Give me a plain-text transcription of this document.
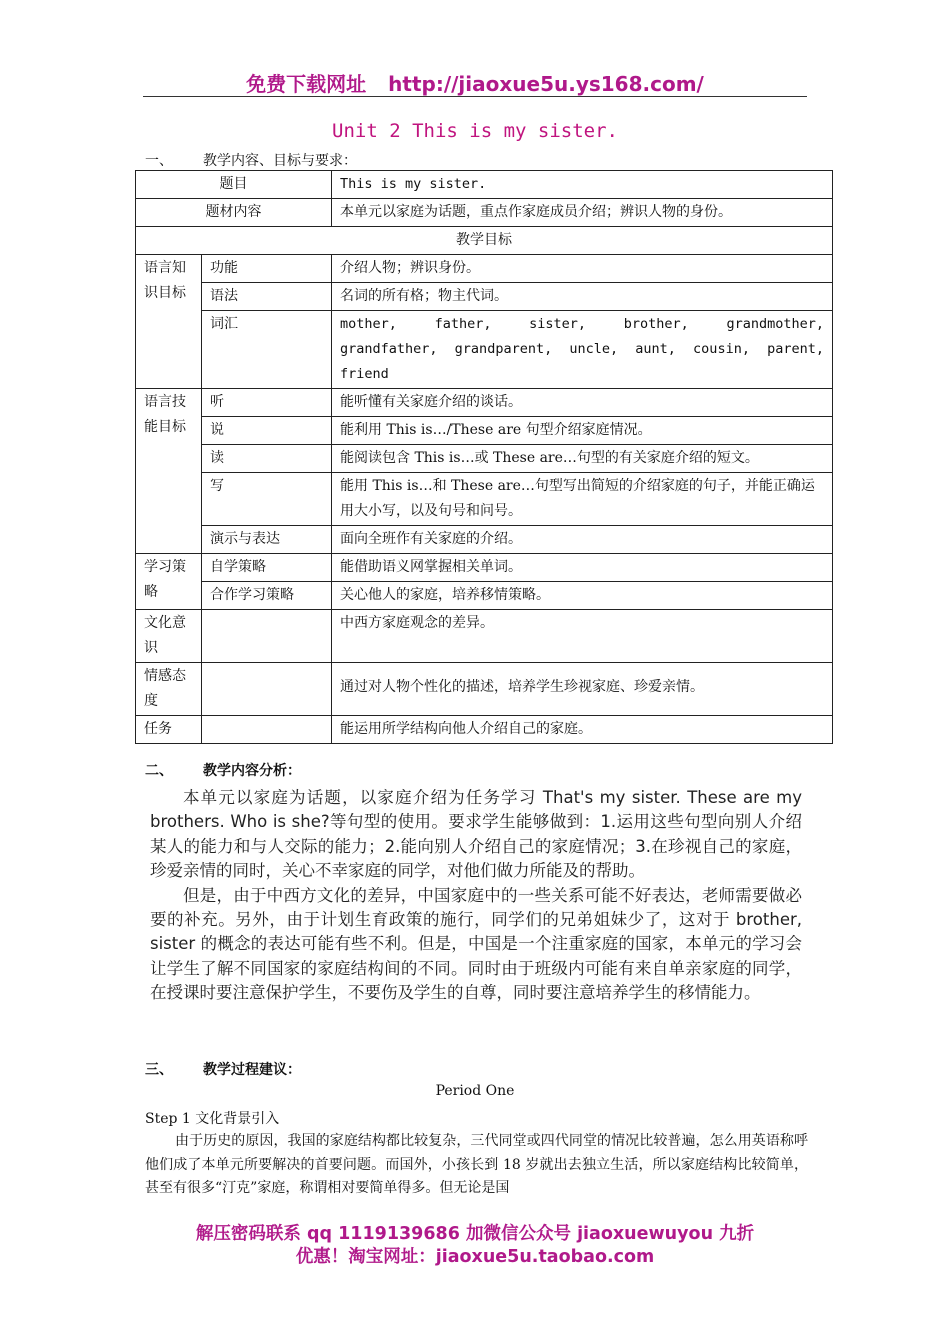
免费下载网址 http://jiaoxue5u.ys168.com/
Unit 2 This is my sister.
一、 教学内容、目标与要求：
题目		This is my sister.
题材内容		本单元以家庭为话题，重点作家庭成员介绍；辨识人物的身份。
教学目标		
语言知识目标	功能	介绍人物；辨识身份。
	语法	名词的所有格；物主代词。
	词汇	mother, father, sister, brother, grandmother,
grandfather, grandparent, uncle, aunt, cousin, parent,
friend

语言技能目标	听	能听懂有关家庭介绍的谈话。
	说	能利用 This is…/These are 句型介绍家庭情况。
	读	能阅读包含 This is…或 These are…句型的有关家庭介绍的短文。
	写	能用 This is…和 These are…句型写出简短的介绍家庭的句子，并能正确运用大小写，以及句号和问号。
	演示与表达	面向全班作有关家庭的介绍。
学习策略	自学策略	能借助语义网掌握相关单词。
	合作学习策略	关心他人的家庭，培养移情策略。
文化意识		中西方家庭观念的差异。
情感态度		通过对人物个性化的描述，培养学生珍视家庭、珍爱亲情。
任务		能运用所学结构向他人介绍自己的家庭。
二、 教学内容分析：

本单元以家庭为话题，以家庭介绍为任务学习 That's my sister. These are my brothers. Who is she?等句型的使用。要求学生能够做到：1.运用这些句型向别人介绍某人的能力和与人交际的能力；2.能向别人介绍自己的家庭情况；3.在珍视自己的家庭，珍爱亲情的同时，关心不幸家庭的同学，对他们做力所能及的帮助。

但是，由于中西方文化的差异，中国家庭中的一些关系可能不好表达，老师需要做必要的补充。另外，由于计划生育政策的施行，同学们的兄弟姐妹少了，这对于 brother, sister 的概念的表达可能有些不利。但是，中国是一个注重家庭的国家，本单元的学习会让学生了解不同国家的家庭结构间的不同。同时由于班级内可能有来自单亲家庭的同学，在授课时要注意保护学生，不要伤及学生的自尊，同时要注意培养学生的移情能力。

三、 教学过程建议：
Period One
Step 1 文化背景引入

由于历史的原因，我国的家庭结构都比较复杂，三代同堂或四代同堂的情况比较普遍，怎么用英语称呼他们成了本单元所要解决的首要问题。而国外，小孩长到 18 岁就出去独立生活，所以家庭结构比较简单，甚至有很多“汀克”家庭，称谓相对要简单得多。但无论是国

解压密码联系 qq 1119139686 加微信公众号 jiaoxuewuyou 九折
优惠！淘宝网址：jiaoxue5u.taobao.com
